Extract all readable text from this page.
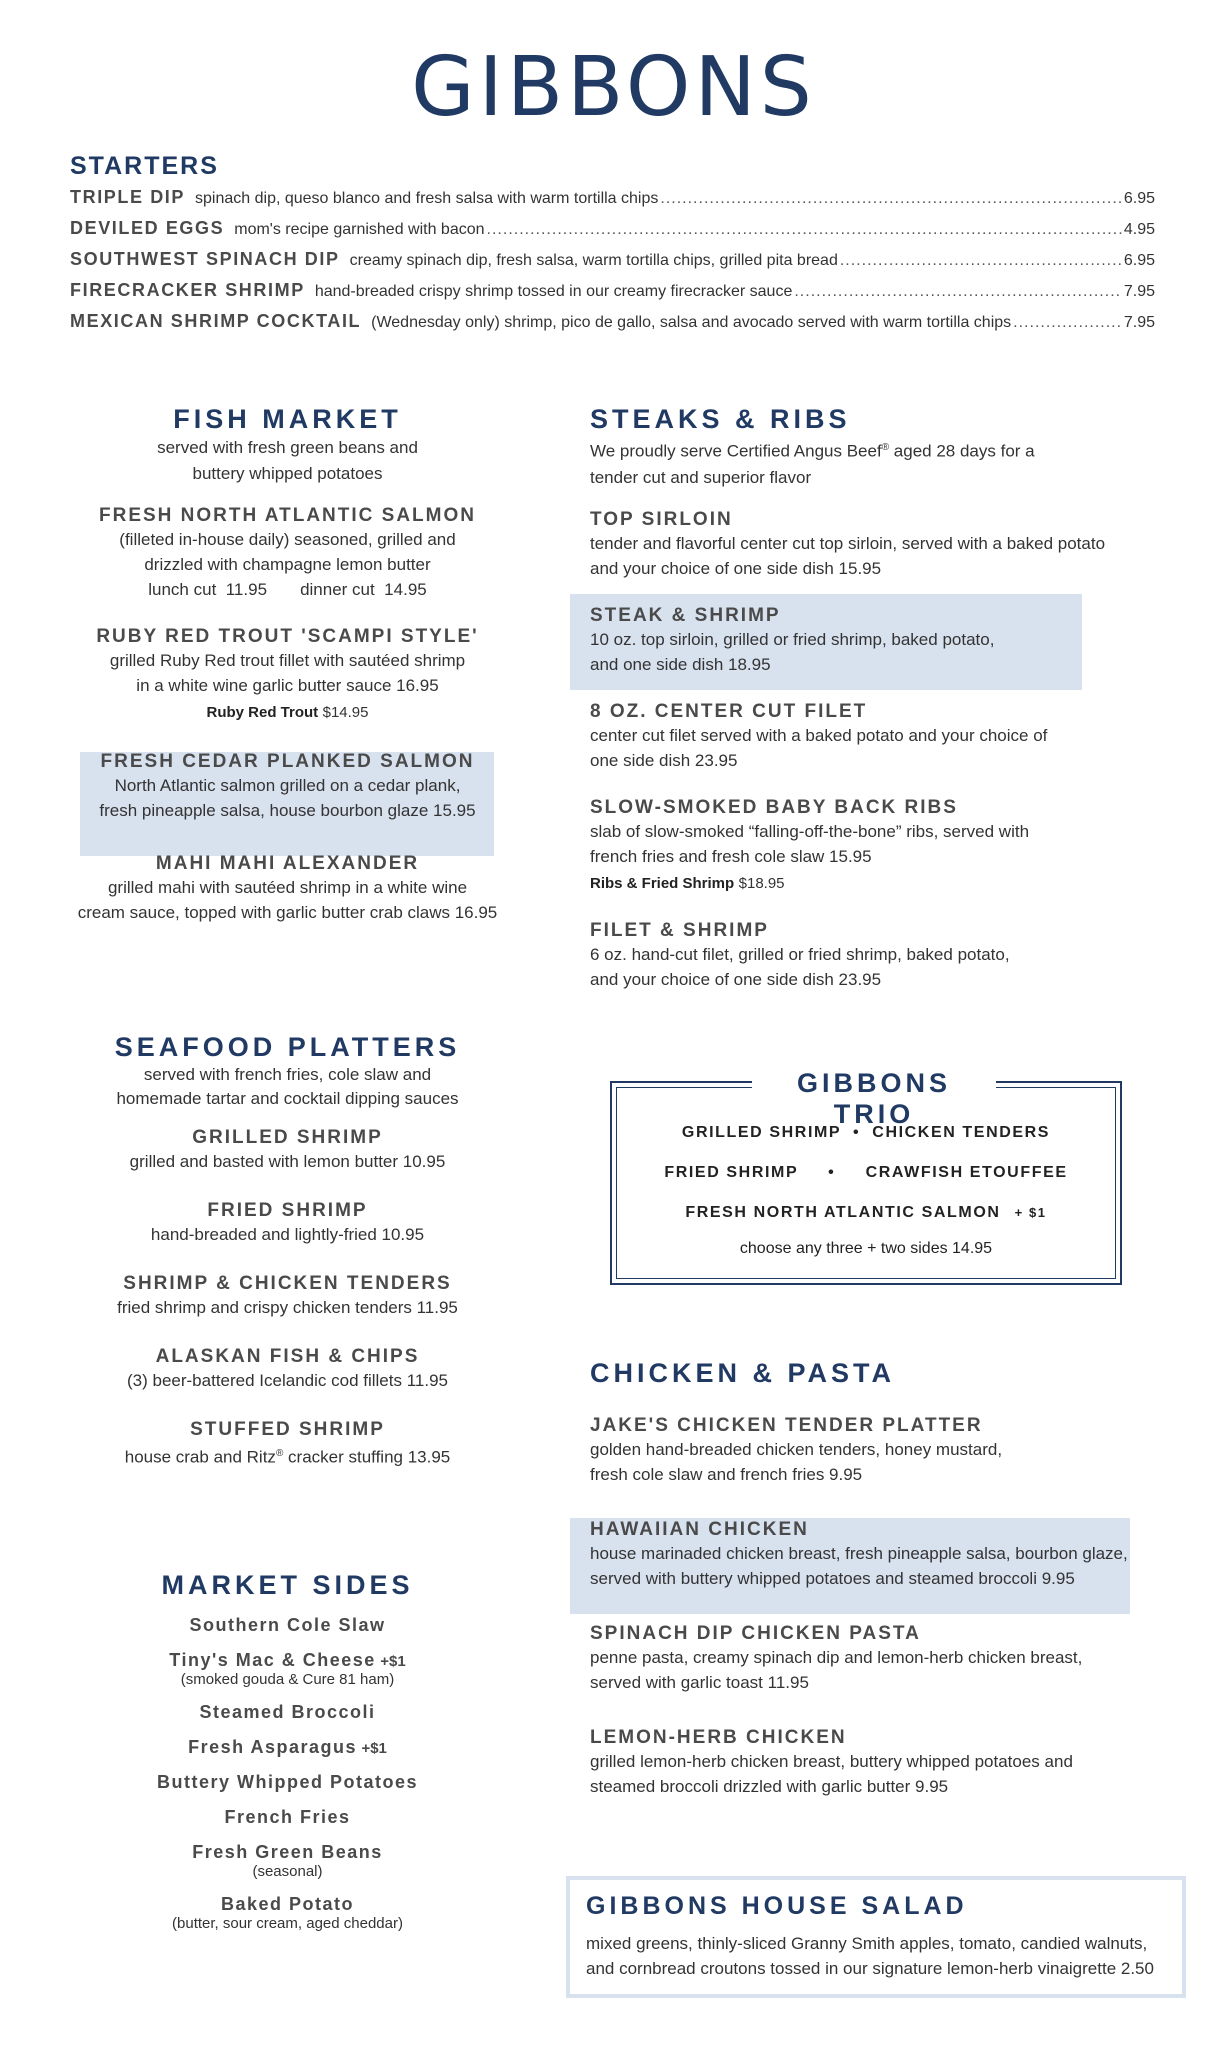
GIBBONS
STARTERS
TRIPLE DIP spinach dip, queso blanco and fresh salsa with warm tortilla chips .....	6.95
DEVILED EGGS mom's recipe garnished with bacon .....	4.95
SOUTHWEST SPINACH DIP creamy spinach dip, fresh salsa, warm tortilla chips, grilled pita bread .....	6.95
FIRECRACKER SHRIMP hand-breaded crispy shrimp tossed in our creamy firecracker sauce .....	7.95
MEXICAN SHRIMP COCKTAIL (Wednesday only) shrimp, pico de gallo, salsa and avocado served with warm tortilla chips .....	7.95
FISH MARKET
served with fresh green beans and
buttery whipped potatoes
FRESH NORTH ATLANTIC SALMON
(filleted in-house daily) seasoned, grilled and
drizzled with champagne lemon butter
lunch cut  11.95       dinner cut  14.95
RUBY RED TROUT 'SCAMPI STYLE'
grilled Ruby Red trout fillet with sautéed shrimp
in a white wine garlic butter sauce 16.95
Ruby Red Trout $14.95
FRESH CEDAR PLANKED SALMON
North Atlantic salmon grilled on a cedar plank,
fresh pineapple salsa, house bourbon glaze 15.95
MAHI MAHI ALEXANDER
grilled mahi with sautéed shrimp in a white wine
cream sauce, topped with garlic butter crab claws 16.95
STEAKS & RIBS
We proudly serve Certified Angus Beef® aged 28 days for a
tender cut and superior flavor
TOP SIRLOIN
tender and flavorful center cut top sirloin, served with a baked potato
and your choice of one side dish 15.95
STEAK & SHRIMP
10 oz. top sirloin, grilled or fried shrimp, baked potato,
and one side dish 18.95
8 OZ. CENTER CUT FILET
center cut filet served with a baked potato and your choice of
one side dish 23.95
SLOW-SMOKED BABY BACK RIBS
slab of slow-smoked “falling-off-the-bone” ribs, served with
french fries and fresh cole slaw 15.95
Ribs & Fried Shrimp $18.95
FILET & SHRIMP
6 oz. hand-cut filet, grilled or fried shrimp, baked potato,
and your choice of one side dish 23.95
SEAFOOD PLATTERS
served with french fries, cole slaw and
homemade tartar and cocktail dipping sauces
GRILLED SHRIMP
grilled and basted with lemon butter 10.95
FRIED SHRIMP
hand-breaded and lightly-fried 10.95
SHRIMP & CHICKEN TENDERS
fried shrimp and crispy chicken tenders 11.95
ALASKAN FISH & CHIPS
(3) beer-battered Icelandic cod fillets 11.95
STUFFED SHRIMP
house crab and Ritz® cracker stuffing 13.95
GIBBONS TRIO
GRILLED SHRIMP  •  CHICKEN TENDERS
FRIED SHRIMP     •     CRAWFISH ETOUFFEE
FRESH NORTH ATLANTIC SALMON + $1
choose any three + two sides 14.95
CHICKEN & PASTA
JAKE'S CHICKEN TENDER PLATTER
golden hand-breaded chicken tenders, honey mustard,
fresh cole slaw and french fries 9.95
HAWAIIAN CHICKEN
house marinaded chicken breast, fresh pineapple salsa, bourbon glaze,
served with buttery whipped potatoes and steamed broccoli 9.95
SPINACH DIP CHICKEN PASTA
penne pasta, creamy spinach dip and lemon-herb chicken breast,
served with garlic toast 11.95
LEMON-HERB CHICKEN
grilled lemon-herb chicken breast, buttery whipped potatoes and
steamed broccoli drizzled with garlic butter 9.95
MARKET SIDES
Southern Cole Slaw
Tiny's Mac & Cheese +$1
(smoked gouda & Cure 81 ham)
Steamed Broccoli
Fresh Asparagus +$1
Buttery Whipped Potatoes
French Fries
Fresh Green Beans
(seasonal)
Baked Potato
(butter, sour cream, aged cheddar)
GIBBONS HOUSE SALAD
mixed greens, thinly-sliced Granny Smith apples, tomato, candied walnuts,
and cornbread croutons tossed in our signature lemon-herb vinaigrette 2.50
